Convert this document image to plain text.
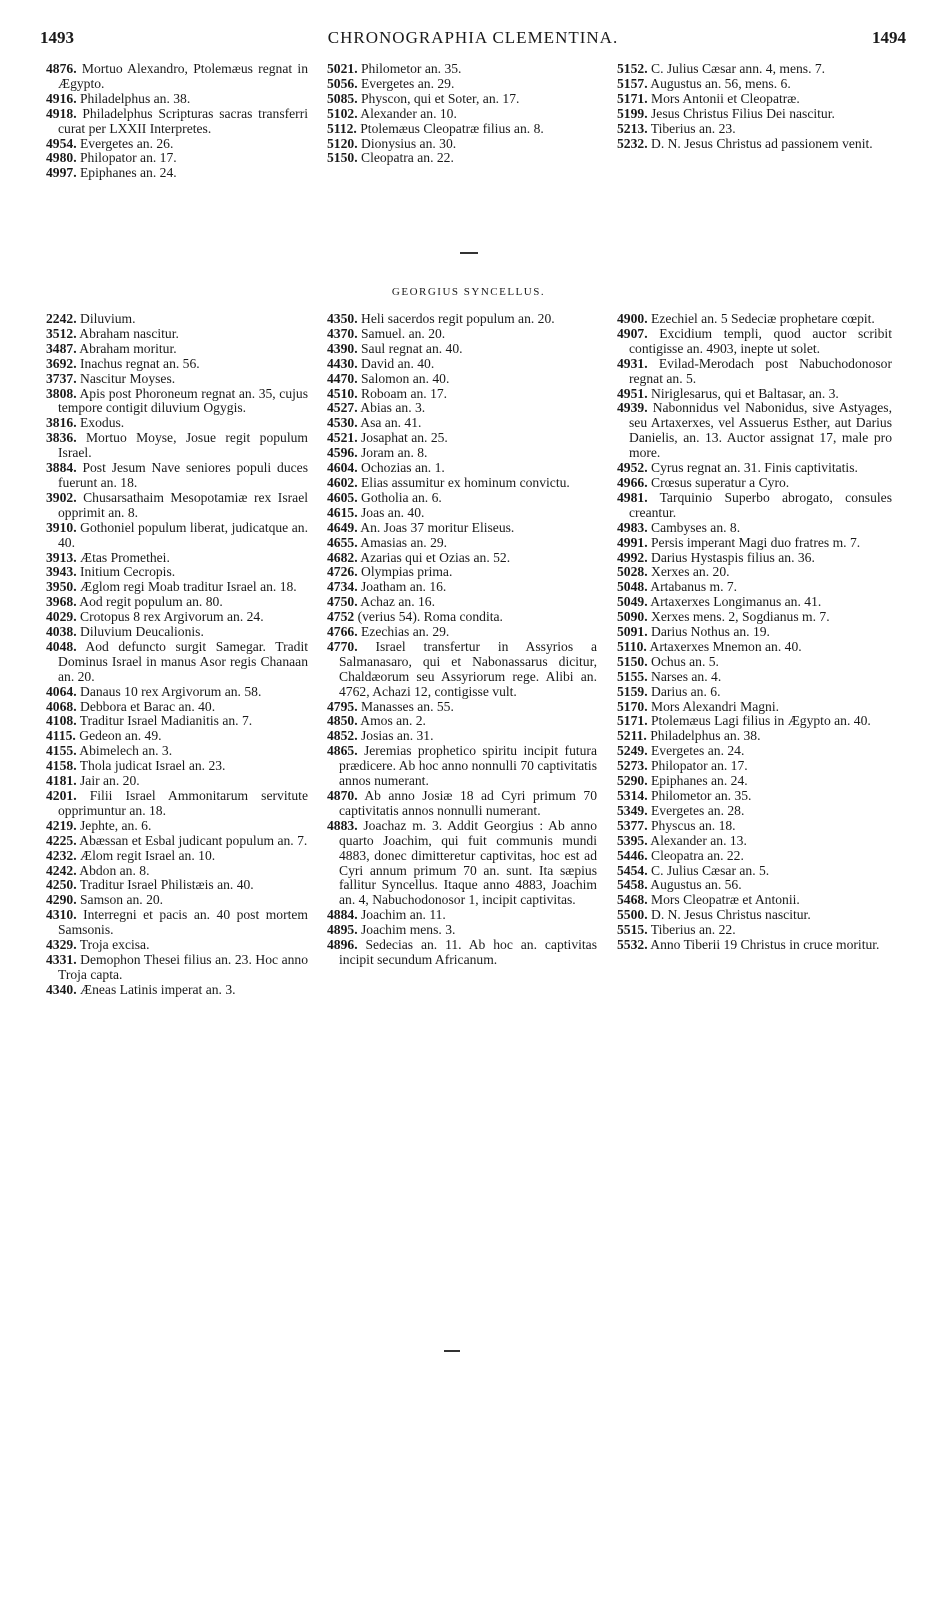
1493	CHRONOGRAPHIA CLEMENTINA.	1494

4876. Mortuo Alexandro, Ptolemæus regnat in Ægypto.

4916. Philadelphus an. 38.

4918. Philadelphus Scripturas sacras transferri curat per LXXII Interpretes.

4954. Evergetes an. 26.

4980. Philopator an. 17.

4997. Epiphanes an. 24.

5021. Philometor an. 35.

5056. Evergetes an. 29.

5085. Physcon, qui et Soter, an. 17.

5102. Alexander an. 10.

5112. Ptolemæus Cleopatræ filius an. 8.

5120. Dionysius an. 30.

5150. Cleopatra an. 22.

5152. C. Julius Cæsar ann. 4, mens. 7.

5157. Augustus an. 56, mens. 6.

5171. Mors Antonii et Cleopatræ.

5199. Jesus Christus Filius Dei nascitur.

5213. Tiberius an. 23.

5232. D. N. Jesus Christus ad passionem venit.

GEORGIUS SYNCELLUS.

2242. Diluvium.

3512. Abraham nascitur.

3487. Abraham moritur.

3692. Inachus regnat an. 56.

3737. Nascitur Moyses.

3808. Apis post Phoroneum regnat an. 35, cujus tempore contigit diluvium Ogygis.

3816. Exodus.

3836. Mortuo Moyse, Josue regit populum Israel.

3884. Post Jesum Nave seniores populi duces fuerunt an. 18.

3902. Chusarsathaim Mesopotamiæ rex Israel opprimit an. 8.

3910. Gothoniel populum liberat, judicatque an. 40.

3913. Ætas Promethei.

3943. Initium Cecropis.

3950. Æglom regi Moab traditur Israel an. 18.

3968. Aod regit populum an. 80.

4029. Crotopus 8 rex Argivorum an. 24.

4038. Diluvium Deucalionis.

4048. Aod defuncto surgit Samegar. Tradit Dominus Israel in manus Asor regis Chanaan an. 20.

4064. Danaus 10 rex Argivorum an. 58.

4068. Debbora et Barac an. 40.

4108. Traditur Israel Madianitis an. 7.

4115. Gedeon an. 49.

4155. Abimelech an. 3.

4158. Thola judicat Israel an. 23.

4181. Jair an. 20.

4201. Filii Israel Ammonitarum servitute opprimuntur an. 18.

4219. Jephte, an. 6.

4225. Abæssan et Esbal judicant populum an. 7.

4232. Ælom regit Israel an. 10.

4242. Abdon an. 8.

4250. Traditur Israel Philistæis an. 40.

4290. Samson an. 20.

4310. Interregni et pacis an. 40 post mortem Samsonis.

4329. Troja excisa.

4331. Demophon Thesei filius an. 23. Hoc anno Troja capta.

4340. Æneas Latinis imperat an. 3.

4350. Heli sacerdos regit populum an. 20.

4370. Samuel. an. 20.

4390. Saul regnat an. 40.

4430. David an. 40.

4470. Salomon an. 40.

4510. Roboam an. 17.

4527. Abias an. 3.

4530. Asa an. 41.

4521. Josaphat an. 25.

4596. Joram an. 8.

4604. Ochozias an. 1.

4602. Elias assumitur ex hominum convictu.

4605. Gotholia an. 6.

4615. Joas an. 40.

4649. An. Joas 37 moritur Eliseus.

4655. Amasias an. 29.

4682. Azarias qui et Ozias an. 52.

4726. Olympias prima.

4734. Joatham an. 16.

4750. Achaz an. 16.

4752 (verius 54). Roma condita.

4766. Ezechias an. 29.

4770. Israel transfertur in Assyrios a Salmanasaro, qui et Nabonassarus dicitur, Chaldæorum seu Assyriorum rege. Alibi an. 4762, Achazi 12, contigisse vult.

4795. Manasses an. 55.

4850. Amos an. 2.

4852. Josias an. 31.

4865. Jeremias prophetico spiritu incipit futura prædicere. Ab hoc anno nonnulli 70 captivitatis annos numerant.

4870. Ab anno Josiæ 18 ad Cyri primum 70 captivitatis annos nonnulli numerant.

4883. Joachaz m. 3. Addit Georgius : Ab anno quarto Joachim, qui fuit communis mundi 4883, donec dimitteretur captivitas, hoc est ad Cyri annum primum 70 an. sunt. Ita sæpius fallitur Syncellus. Itaque anno 4883, Joachim an. 4, Nabuchodonosor 1, incipit captivitas.

4884. Joachim an. 11.

4895. Joachim mens. 3.

4896. Sedecias an. 11. Ab hoc an. captivitas incipit secundum Africanum.

4900. Ezechiel an. 5 Sedeciæ prophetare cœpit.

4907. Excidium templi, quod auctor scribit contigisse an. 4903, inepte ut solet.

4931. Evilad-Merodach post Nabuchodonosor regnat an. 5.

4951. Niriglesarus, qui et Baltasar, an. 3.

4939. Nabonnidus vel Nabonidus, sive Astyages, seu Artaxerxes, vel Assuerus Esther, aut Darius Danielis, an. 13. Auctor assignat 17, male pro more.

4952. Cyrus regnat an. 31. Finis captivitatis.

4966. Crœsus superatur a Cyro.

4981. Tarquinio Superbo abrogato, consules creantur.

4983. Cambyses an. 8.

4991. Persis imperant Magi duo fratres m. 7.

4992. Darius Hystaspis filius an. 36.

5028. Xerxes an. 20.

5048. Artabanus m. 7.

5049. Artaxerxes Longimanus an. 41.

5090. Xerxes mens. 2, Sogdianus m. 7.

5091. Darius Nothus an. 19.

5110. Artaxerxes Mnemon an. 40.

5150. Ochus an. 5.

5155. Narses an. 4.

5159. Darius an. 6.

5170. Mors Alexandri Magni.

5171. Ptolemæus Lagi filius in Ægypto an. 40.

5211. Philadelphus an. 38.

5249. Evergetes an. 24.

5273. Philopator an. 17.

5290. Epiphanes an. 24.

5314. Philometor an. 35.

5349. Evergetes an. 28.

5377. Physcus an. 18.

5395. Alexander an. 13.

5446. Cleopatra an. 22.

5454. C. Julius Cæsar an. 5.

5458. Augustus an. 56.

5468. Mors Cleopatræ et Antonii.

5500. D. N. Jesus Christus nascitur.

5515. Tiberius an. 22.

5532. Anno Tiberii 19 Christus in cruce moritur.
